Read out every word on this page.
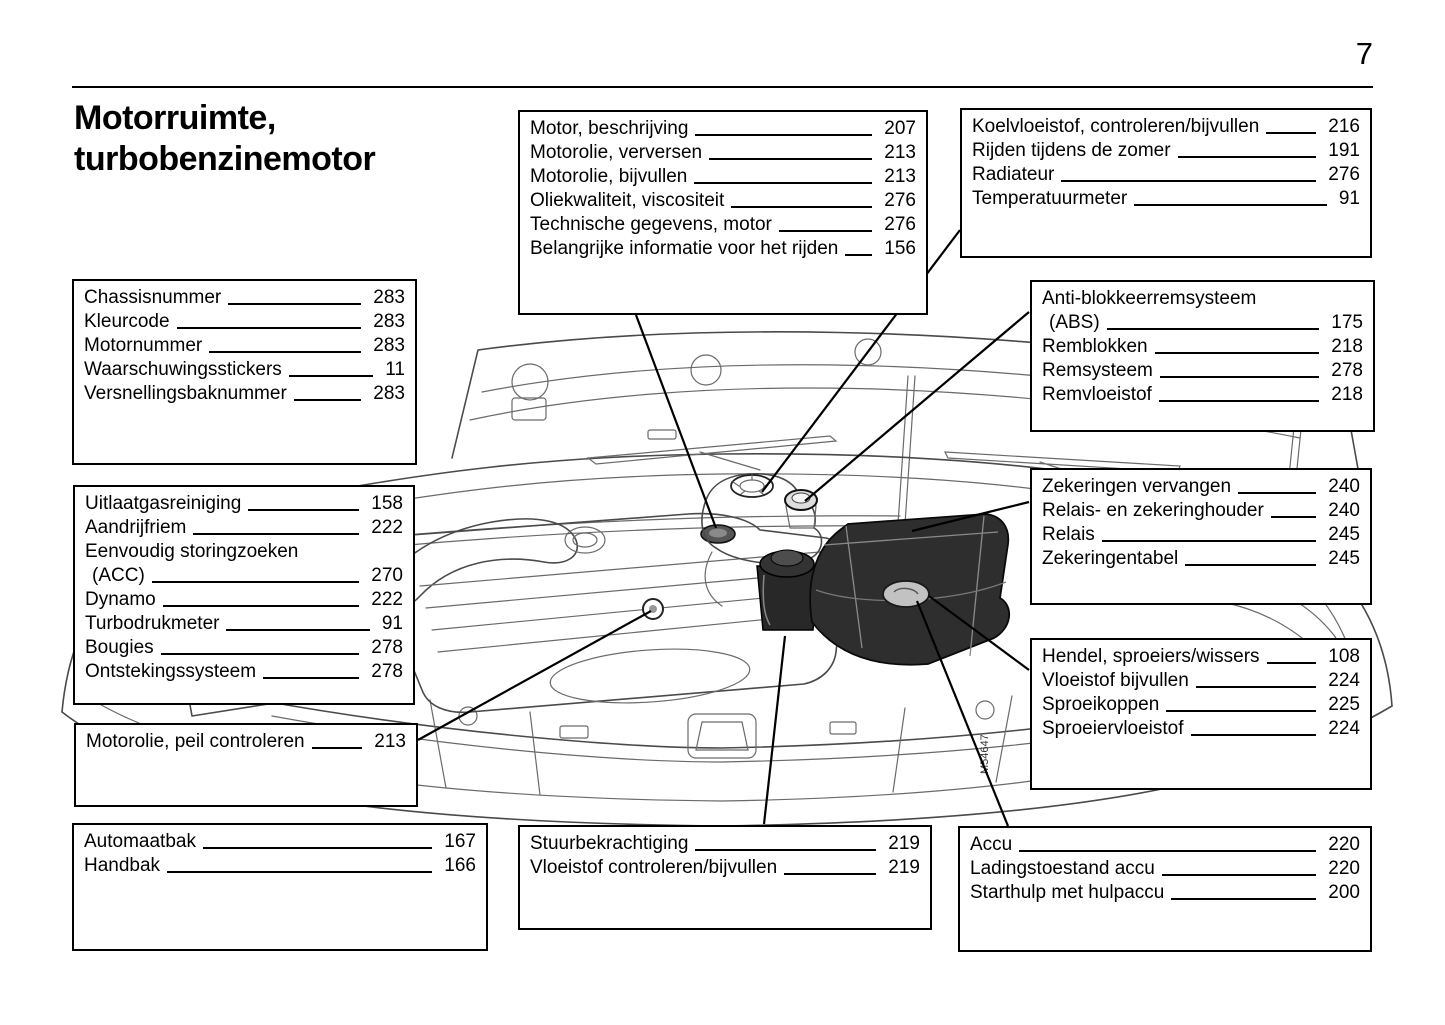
M54647
7
Motorruimte,
turbobenzinemotor
Motor, beschrijving	207
Motorolie, verversen	213
Motorolie, bijvullen	213
Oliekwaliteit, viscositeit	276
Technische gegevens, motor	276
Belangrijke informatie voor het rijden 156
Koelvloeistof, controleren/bijvullen	216
Rijden tijdens de zomer	191
Radiateur	276
Temperatuurmeter	91
Chassisnummer	283
Kleurcode	283
Motornummer	283
Waarschuwingsstickers	11
Versnellingsbaknummer	283
Anti-blokkeerremsysteem
(ABS)	175
Remblokken	218
Remsysteem	278
Remvloeistof	218
Uitlaatgasreiniging	158
Aandrijfriem	222
Eenvoudig storingzoeken
(ACC)	270
Dynamo	222
Turbodrukmeter	91
Bougies	278
Ontstekingssysteem	278
Zekeringen vervangen	240
Relais- en zekeringhouder	240
Relais	245
Zekeringentabel	245
Hendel, sproeiers/wissers	108
Vloeistof bijvullen	224
Sproeikoppen	225
Sproeiervloeistof	224
Motorolie, peil controleren	213
Automaatbak	167
Handbak	166
Stuurbekrachtiging	219
Vloeistof controleren/bijvullen	219
Accu	220
Ladingstoestand accu	220
Starthulp met hulpaccu	200
